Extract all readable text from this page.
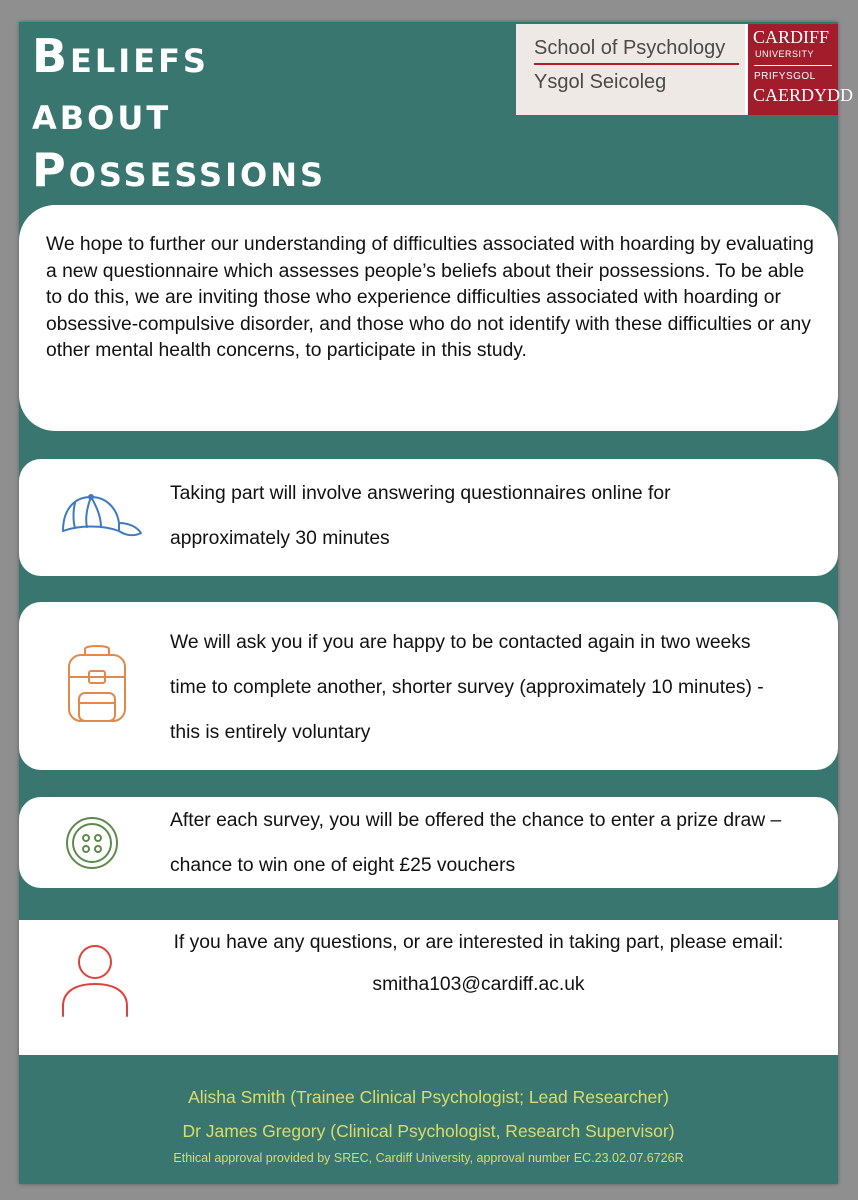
Beliefs
about
Possessions
School of Psychology
Ysgol Seicoleg
CARDIFF
UNIVERSITY
PRIFYSGOL
CAERDYDD
We hope to further our understanding of difficulties associated with hoarding by evaluating a new questionnaire which assesses people’s beliefs about their possessions. To be able to do this, we are inviting those who experience difficulties associated with hoarding or obsessive-compulsive disorder, and those who do not identify with these difficulties or any other mental health concerns, to participate in this study.
Taking part will involve answering questionnaires online for approximately 30 minutes
We will ask you if you are happy to be contacted again in two weeks time to complete another, shorter survey (approximately 10 minutes) - this is entirely voluntary
After each survey, you will be offered the chance to enter a prize draw – chance to win one of eight £25 vouchers
If you have any questions, or are interested in taking part, please email:
smitha103@cardiff.ac.uk
Alisha Smith (Trainee Clinical Psychologist; Lead Researcher)
Dr James Gregory (Clinical Psychologist, Research Supervisor)
Ethical approval provided by SREC, Cardiff University, approval number EC.23.02.07.6726R
